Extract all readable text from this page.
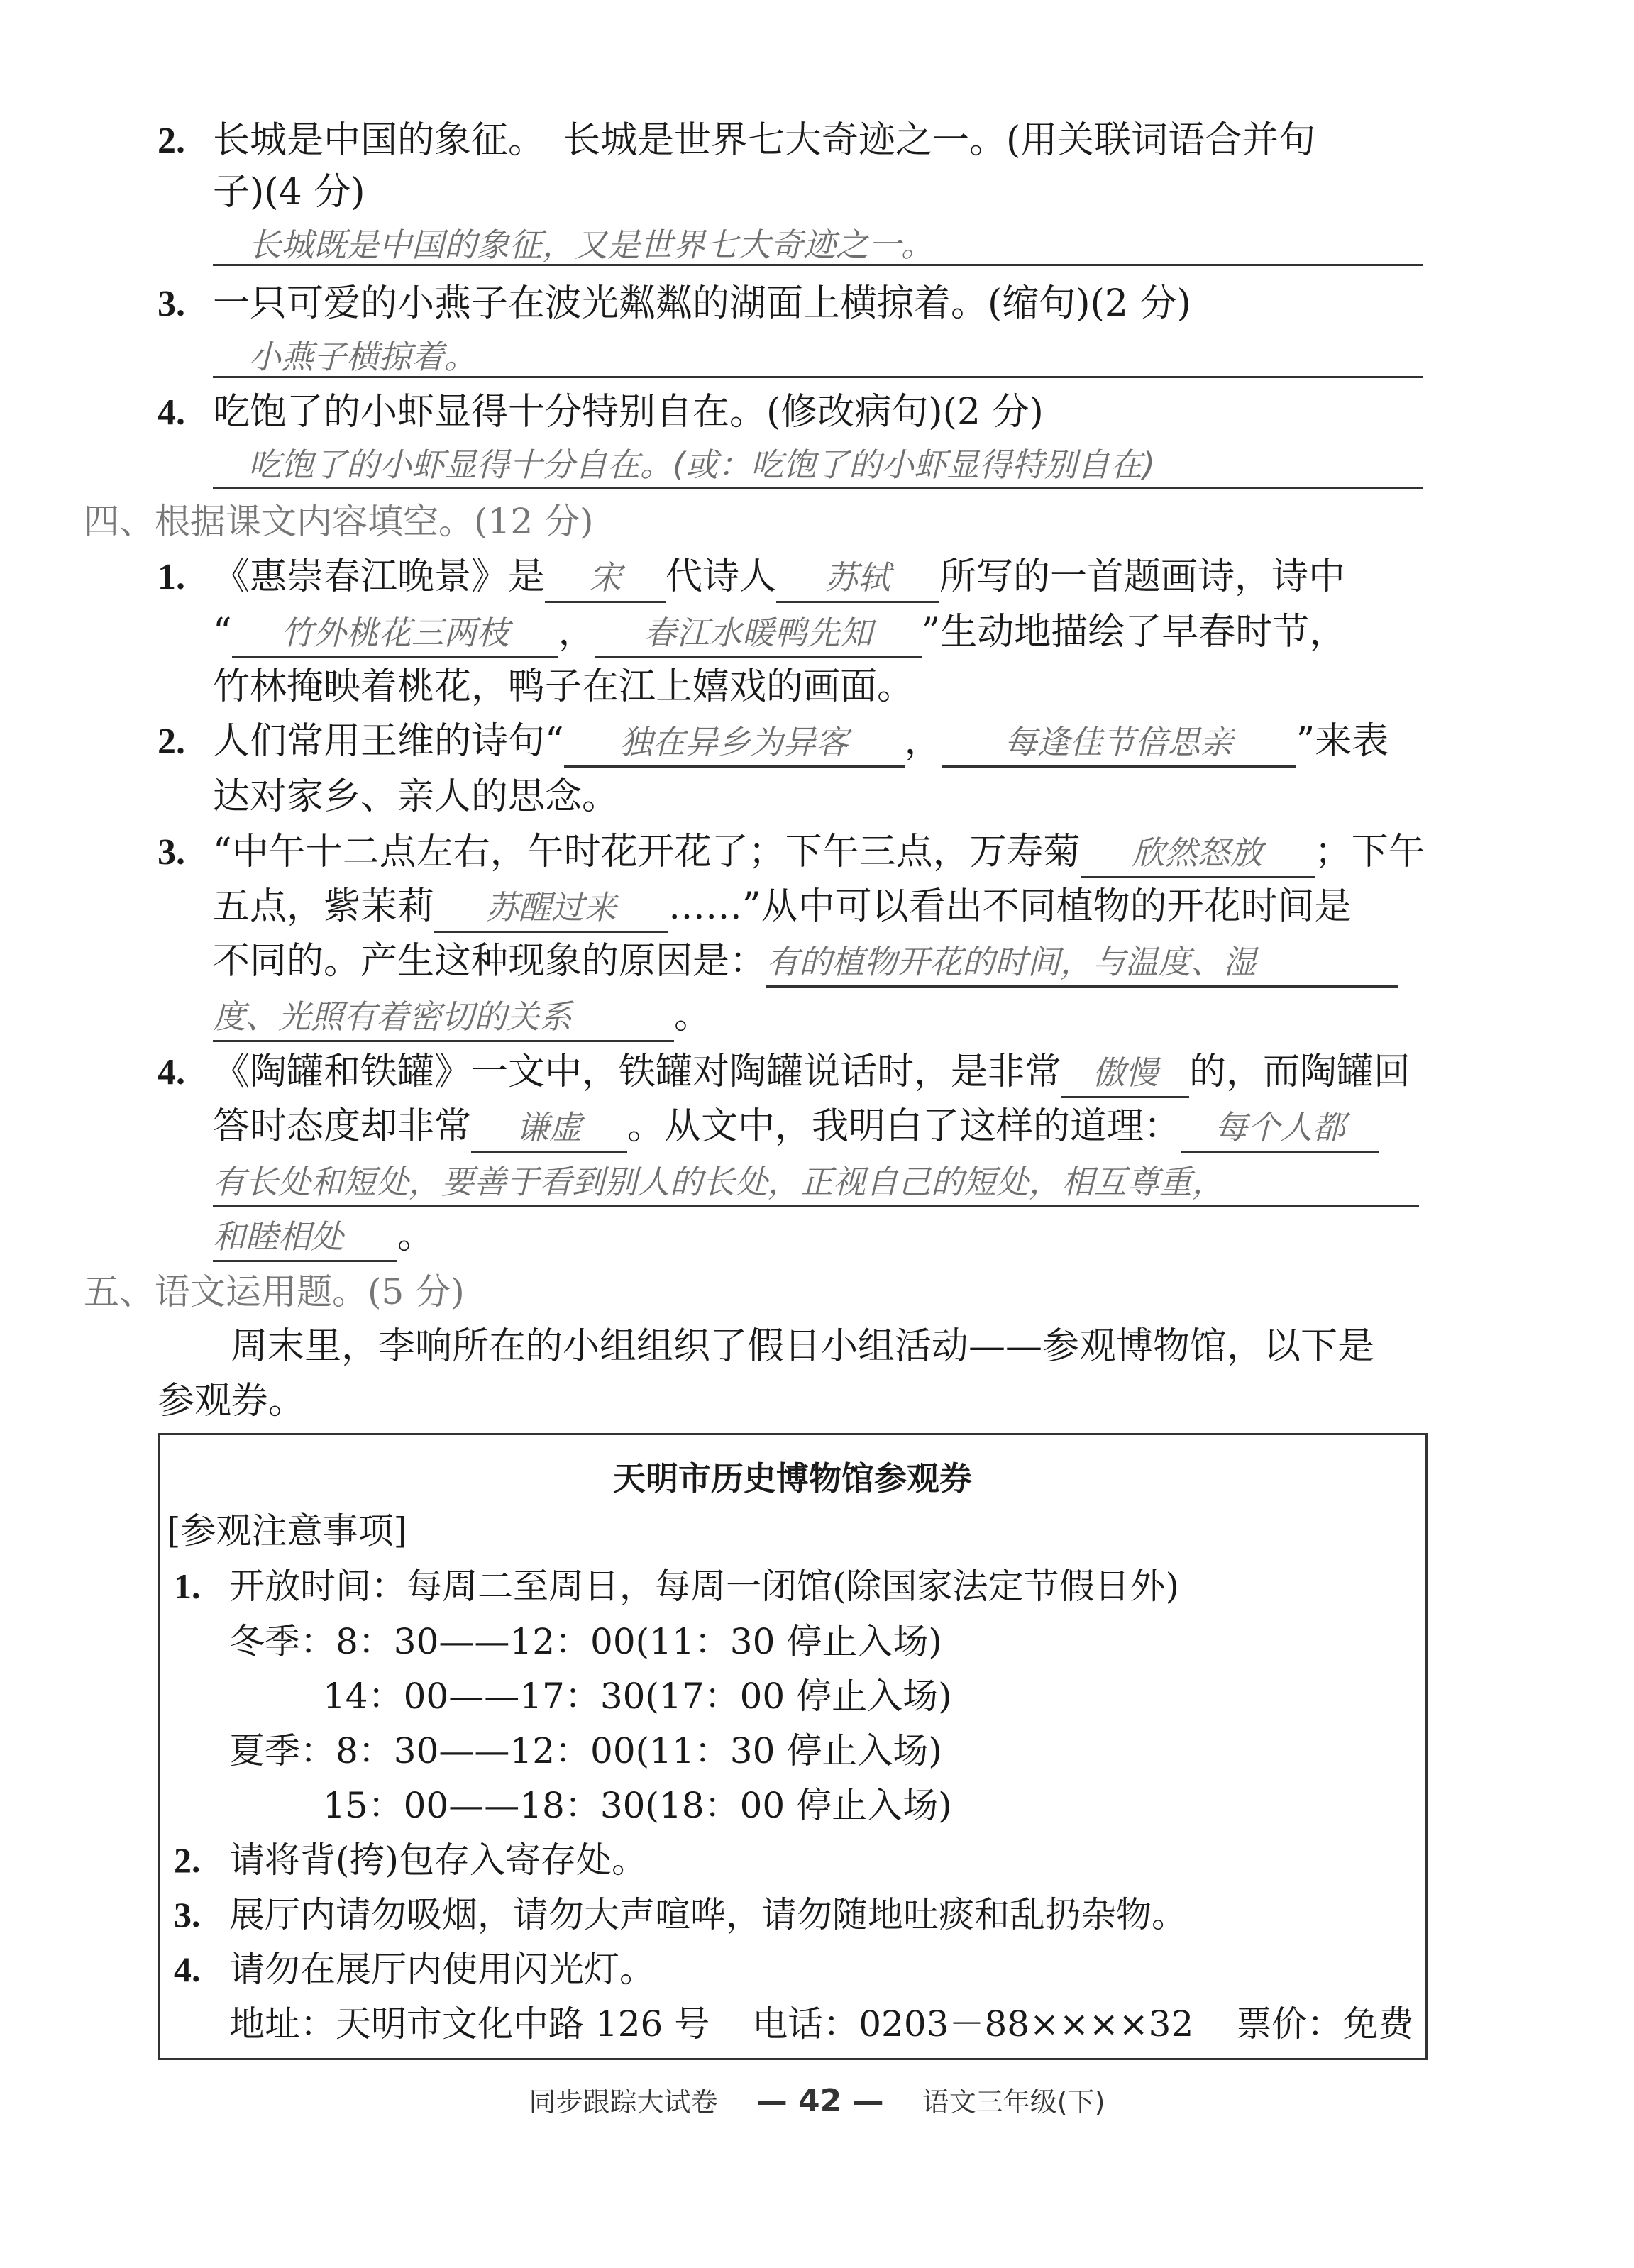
2. 长城是中国的象征。　长城是世界七大奇迹之一。(用关联词语合并句
子)(4 分)
长城既是中国的象征，又是世界七大奇迹之一。
3. 一只可爱的小燕子在波光粼粼的湖面上横掠着。(缩句)(2 分)
小燕子横掠着。
4. 吃饱了的小虾显得十分特别自在。(修改病句)(2 分)
吃饱了的小虾显得十分自在。(或：吃饱了的小虾显得特别自在)
四、根据课文内容填空。(12 分)
1. 《惠崇春江晚景》是 宋 代诗人 苏轼 所写的一首题画诗，诗中
“ 竹外桃花三两枝 ， 春江水暖鸭先知 ”生动地描绘了早春时节，
竹林掩映着桃花，鸭子在江上嬉戏的画面。
2. 人们常用王维的诗句“ 独在异乡为异客 ， 每逢佳节倍思亲 ”来表
达对家乡、亲人的思念。
3. “中午十二点左右，午时花开花了；下午三点，万寿菊 欣然怒放 ；下午
五点，紫茉莉 苏醒过来 ……”从中可以看出不同植物的开花时间是
不同的。产生这种现象的原因是：有的植物开花的时间，与温度、湿
度、光照有着密切的关系	。
4. 《陶罐和铁罐》一文中，铁罐对陶罐说话时，是非常 傲慢 的，而陶罐回
答时态度却非常 谦虚 。从文中，我明白了这样的道理： 每个人都
有长处和短处，要善于看到别人的长处，正视自己的短处，相互尊重，
和睦相处 。
五、语文运用题。(5 分)
周末里，李响所在的小组组织了假日小组活动——参观博物馆，以下是
参观券。
天明市历史博物馆参观券
[参观注意事项]
1. 开放时间：每周二至周日，每周一闭馆(除国家法定节假日外)
冬季：8：30——12：00(11：30 停止入场)
14：00——17：30(17：00 停止入场)
夏季：8：30——12：00(11：30 停止入场)
15：00——18：30(18：00 停止入场)
2. 请将背(挎)包存入寄存处。
3. 展厅内请勿吸烟，请勿大声喧哗，请勿随地吐痰和乱扔杂物。
4. 请勿在展厅内使用闪光灯。
地址：天明市文化中路 126 号 电话：0203－88××××32 票价：免费
同步跟踪大试卷 — 42 — 语文三年级(下)
